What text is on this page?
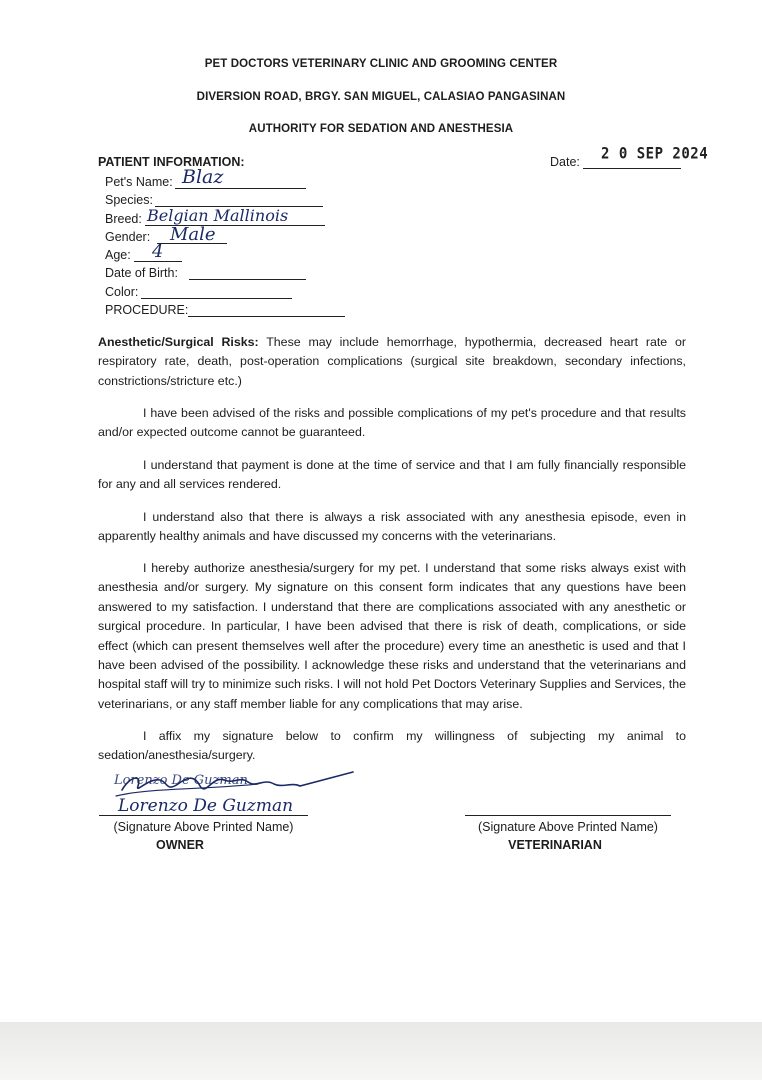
PET DOCTORS VETERINARY CLINIC AND GROOMING CENTER
DIVERSION ROAD, BRGY. SAN MIGUEL, CALASIAO PANGASINAN
AUTHORITY FOR SEDATION AND ANESTHESIA
PATIENT INFORMATION:	Date: 2 0 SEP 2024
Pet's Name: Blaz
Species:
Breed: Belgian Mallinois
Gender: Male
Age: 4
Date of Birth:
Color:
PROCEDURE:

Anesthetic/Surgical Risks: These may include hemorrhage, hypothermia, decreased heart rate or respiratory rate, death, post-operation complications (surgical site breakdown, secondary infections, constrictions/stricture etc.)

I have been advised of the risks and possible complications of my pet's procedure and that results and/or expected outcome cannot be guaranteed.

I understand that payment is done at the time of service and that I am fully financially responsible for any and all services rendered.

I understand also that there is always a risk associated with any anesthesia episode, even in apparently healthy animals and have discussed my concerns with the veterinarians.

I hereby authorize anesthesia/surgery for my pet. I understand that some risks always exist with anesthesia and/or surgery. My signature on this consent form indicates that any questions have been answered to my satisfaction. I understand that there are complications associated with any anesthetic or surgical procedure. In particular, I have been advised that there is risk of death, complications, or side effect (which can present themselves well after the procedure) every time an anesthetic is used and that I have been advised of the possibility. I acknowledge these risks and understand that the veterinarians and hospital staff will try to minimize such risks. I will not hold Pet Doctors Veterinary Supplies and Services, the veterinarians, or any staff member liable for any complications that may arise.

I affix my signature below to confirm my willingness of subjecting my animal to sedation/anesthesia/surgery.

Lorenzo De Guzman
Lorenzo De Guzman
(Signature Above Printed Name)
OWNER
(Signature Above Printed Name)
VETERINARIAN
